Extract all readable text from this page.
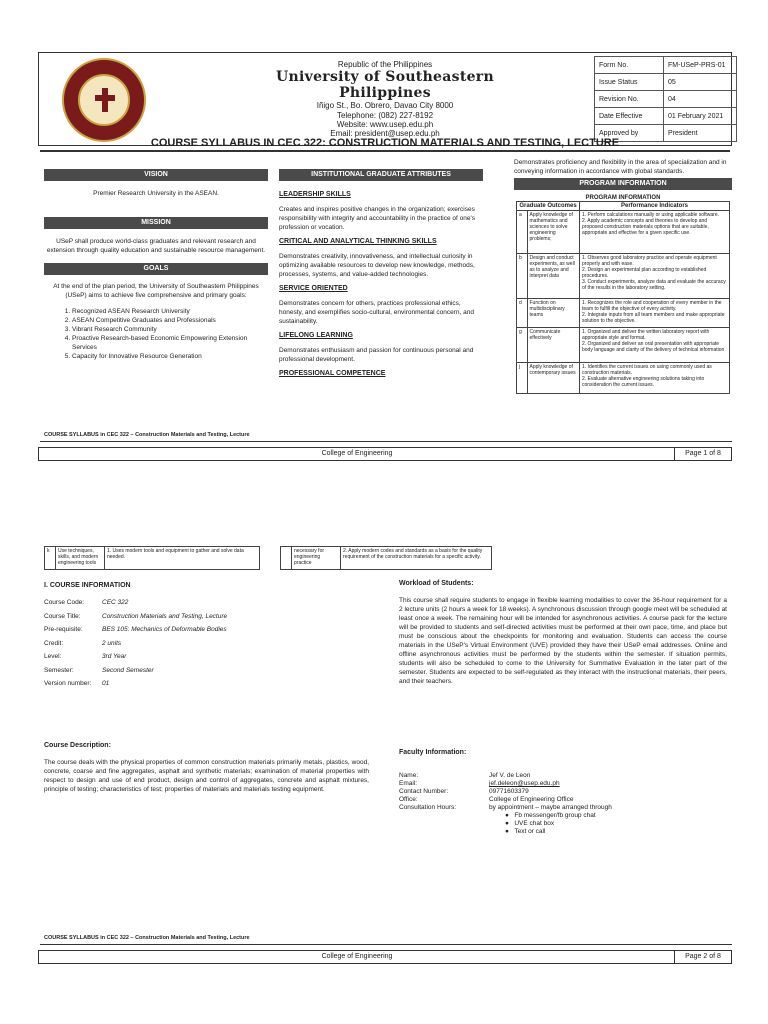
Republic of the Philippines
University of Southeastern Philippines
Iñigo St., Bo. Obrero, Davao City 8000
Telephone: (082) 227-8192
Website: www.usep.edu.ph
Email: president@usep.edu.ph
Form No.	FM-USeP-PRS-01
Issue Status	05
Revision No.	04
Date Effective	01 February 2021
Approved by	President
COURSE SYLLABUS IN CEC 322: CONSTRUCTION MATERIALS AND TESTING, LECTURE
VISION
Premier Research University in the ASEAN.
MISSION
USeP shall produce world-class graduates and relevant research and extension through quality education and sustainable resource management.
GOALS
At the end of the plan period, the University of Southeastern Philippines (USeP) aims to achieve five comprehensive and primary goals:
1. Recognized ASEAN Research University
2. ASEAN Competitive Graduates and Professionals
3. Vibrant Research Community
4. Proactive Research-based Economic Empowering Extension Services
5. Capacity for Innovative Resource Generation
INSTITUTIONAL GRADUATE ATTRIBUTES
LEADERSHIP SKILLS
Creates and inspires positive changes in the organization; exercises responsibility with integrity and accountability in the practice of one's profession or vocation.
CRITICAL AND ANALYTICAL THINKING SKILLS
Demonstrates creativity, innovativeness, and intellectual curiosity in optimizing available resources to develop new knowledge, methods, processes, systems, and value-added technologies.
SERVICE ORIENTED
Demonstrates concern for others, practices professional ethics, honesty, and exemplifies socio-cultural, environmental concern, and sustainability.
LIFELONG LEARNING
Demonstrates enthusiasm and passion for continuous personal and professional development.
PROFESSIONAL COMPETENCE
Demonstrates proficiency and flexibility in the area of specialization and in conveying information in accordance with global standards.
PROGRAM INFORMATION
PROGRAM INFORMATION
Graduate Outcomes		Performance Indicators
a	Apply knowledge of mathematics and sciences to solve engineering problems;	1. Perform calculations manually or using applicable software.
2. Apply academic concepts and theories to develop and proposed construction materials options that are suitable, appropriate and effective for a given specific use.
b	Design and conduct experiments, as well as to analyze and interpret data	1. Observes good laboratory practice and operate equipment properly and with ease.
2. Design an experimental plan according to established procedures.
3. Conduct experiments, analyze data and evaluate the accuracy of the results in the laboratory setting.
d	Function on multidisciplinary teams	1. Recognizes the role and cooperation of every member in the team to fulfill the objective of every activity.
2. Integrate inputs from all team members and make appropriate solution to the objective.
g	Communicate effectively	1. Organized and deliver the written laboratory report with appropriate style and format.
2. Organized and deliver an oral presentation with appropriate body language and clarity of the delivery of technical information
j	Apply knowledge of contemporary issues	1. Identifies the current issues on using commonly used as construction materials.
2. Evaluate alternative engineering solutions taking into consideration the current issues.
COURSE SYLLABUS in CEC 322 – Construction Materials and Testing, Lecture
College of Engineering	Page 1 of 8
k	Use techniques, skills, and modern engineering tools	1. Uses modern tools and equipment to gather and solve data needed.
	necessary for engineering practice	2. Apply modern codes and standards as a basis for the quality requirement of the construction materials for a specific activity.
I. COURSE INFORMATION
Course Code:	CEC 322
Course Title:	Construction Materials and Testing, Lecture
Pre-requisite:	BES 105: Mechanics of Deformable Bodies
Credit:	2 units
Level:	3rd Year
Semester:	Second Semester
Version number: 01
Workload of Students:
This course shall require students to engage in flexible learning modalities to cover the 36-hour requirement for a 2 lecture units (2 hours a week for 18 weeks). A synchronous discussion through google meet will be scheduled at least once a week. The remaining hour will be intended for asynchronous activities. A course pack for the lecture will be provided to students and self-directed activities must be performed at their own pace, time, and place but must be conscious about the checkpoints for monitoring and evaluation. Students can access the course materials in the USeP's Virtual Environment (UVE) provided they have their USeP email addresses. Online and offline asynchronous activities must be performed by the students within the semester. If situation permits, students will also be scheduled to come to the University for Summative Evaluation in the later part of the semester. Students are expected to be self-regulated as they interact with the instructional materials, their peers, and their teachers.
Course Description:
The course deals with the physical properties of common construction materials primarily metals, plastics, wood, concrete, coarse and fine aggregates, asphalt and synthetic materials; examination of material properties with respect to design and use of end product, design and control of aggregates, concrete and asphalt mixtures, principle of testing; characteristics of test; properties of materials and materials testing equipment.
Faculty Information:
Name:	Jef V. de Leon
Email:	jef.deleon@usep.edu.ph
Contact Number:	09771603379
Office:	College of Engineering Office
Consultation Hours:	by appointment – maybe arranged through
●   Fb messenger/fb group chat
●   UVE chat box
●   Text or call
COURSE SYLLABUS in CEC 322 – Construction Materials and Testing, Lecture
College of Engineering	Page 2 of 8
